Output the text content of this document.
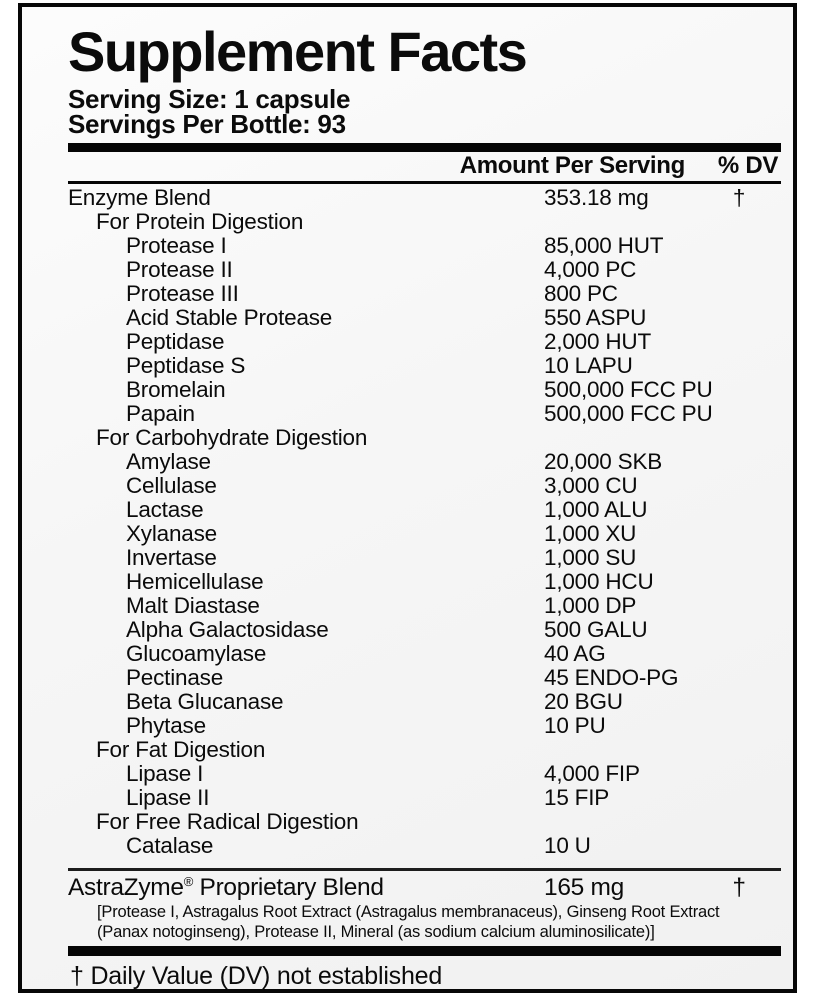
Supplement Facts
Serving Size: 1 capsule
Servings Per Bottle: 93
Amount Per Serving % DV
Enzyme Blend	353.18 mg	†
For Protein Digestion
Protease I	85,000 HUT
Protease II	4,000 PC
Protease III	800 PC
Acid Stable Protease	550 ASPU
Peptidase	2,000 HUT
Peptidase S	10 LAPU
Bromelain	500,000 FCC PU
Papain	500,000 FCC PU
For Carbohydrate Digestion
Amylase	20,000 SKB
Cellulase	3,000 CU
Lactase	1,000 ALU
Xylanase	1,000 XU
Invertase	1,000 SU
Hemicellulase	1,000 HCU
Malt Diastase	1,000 DP
Alpha Galactosidase	500 GALU
Glucoamylase	40 AG
Pectinase	45 ENDO-PG
Beta Glucanase	20 BGU
Phytase	10 PU
For Fat Digestion
Lipase I	4,000 FIP
Lipase II	15 FIP
For Free Radical Digestion
Catalase	10 U
AstraZyme® Proprietary Blend	165 mg	†
[Protease I, Astragalus Root Extract (Astragalus membranaceus), Ginseng Root Extract
(Panax notoginseng), Protease II, Mineral (as sodium calcium aluminosilicate)]
† Daily Value (DV) not established
